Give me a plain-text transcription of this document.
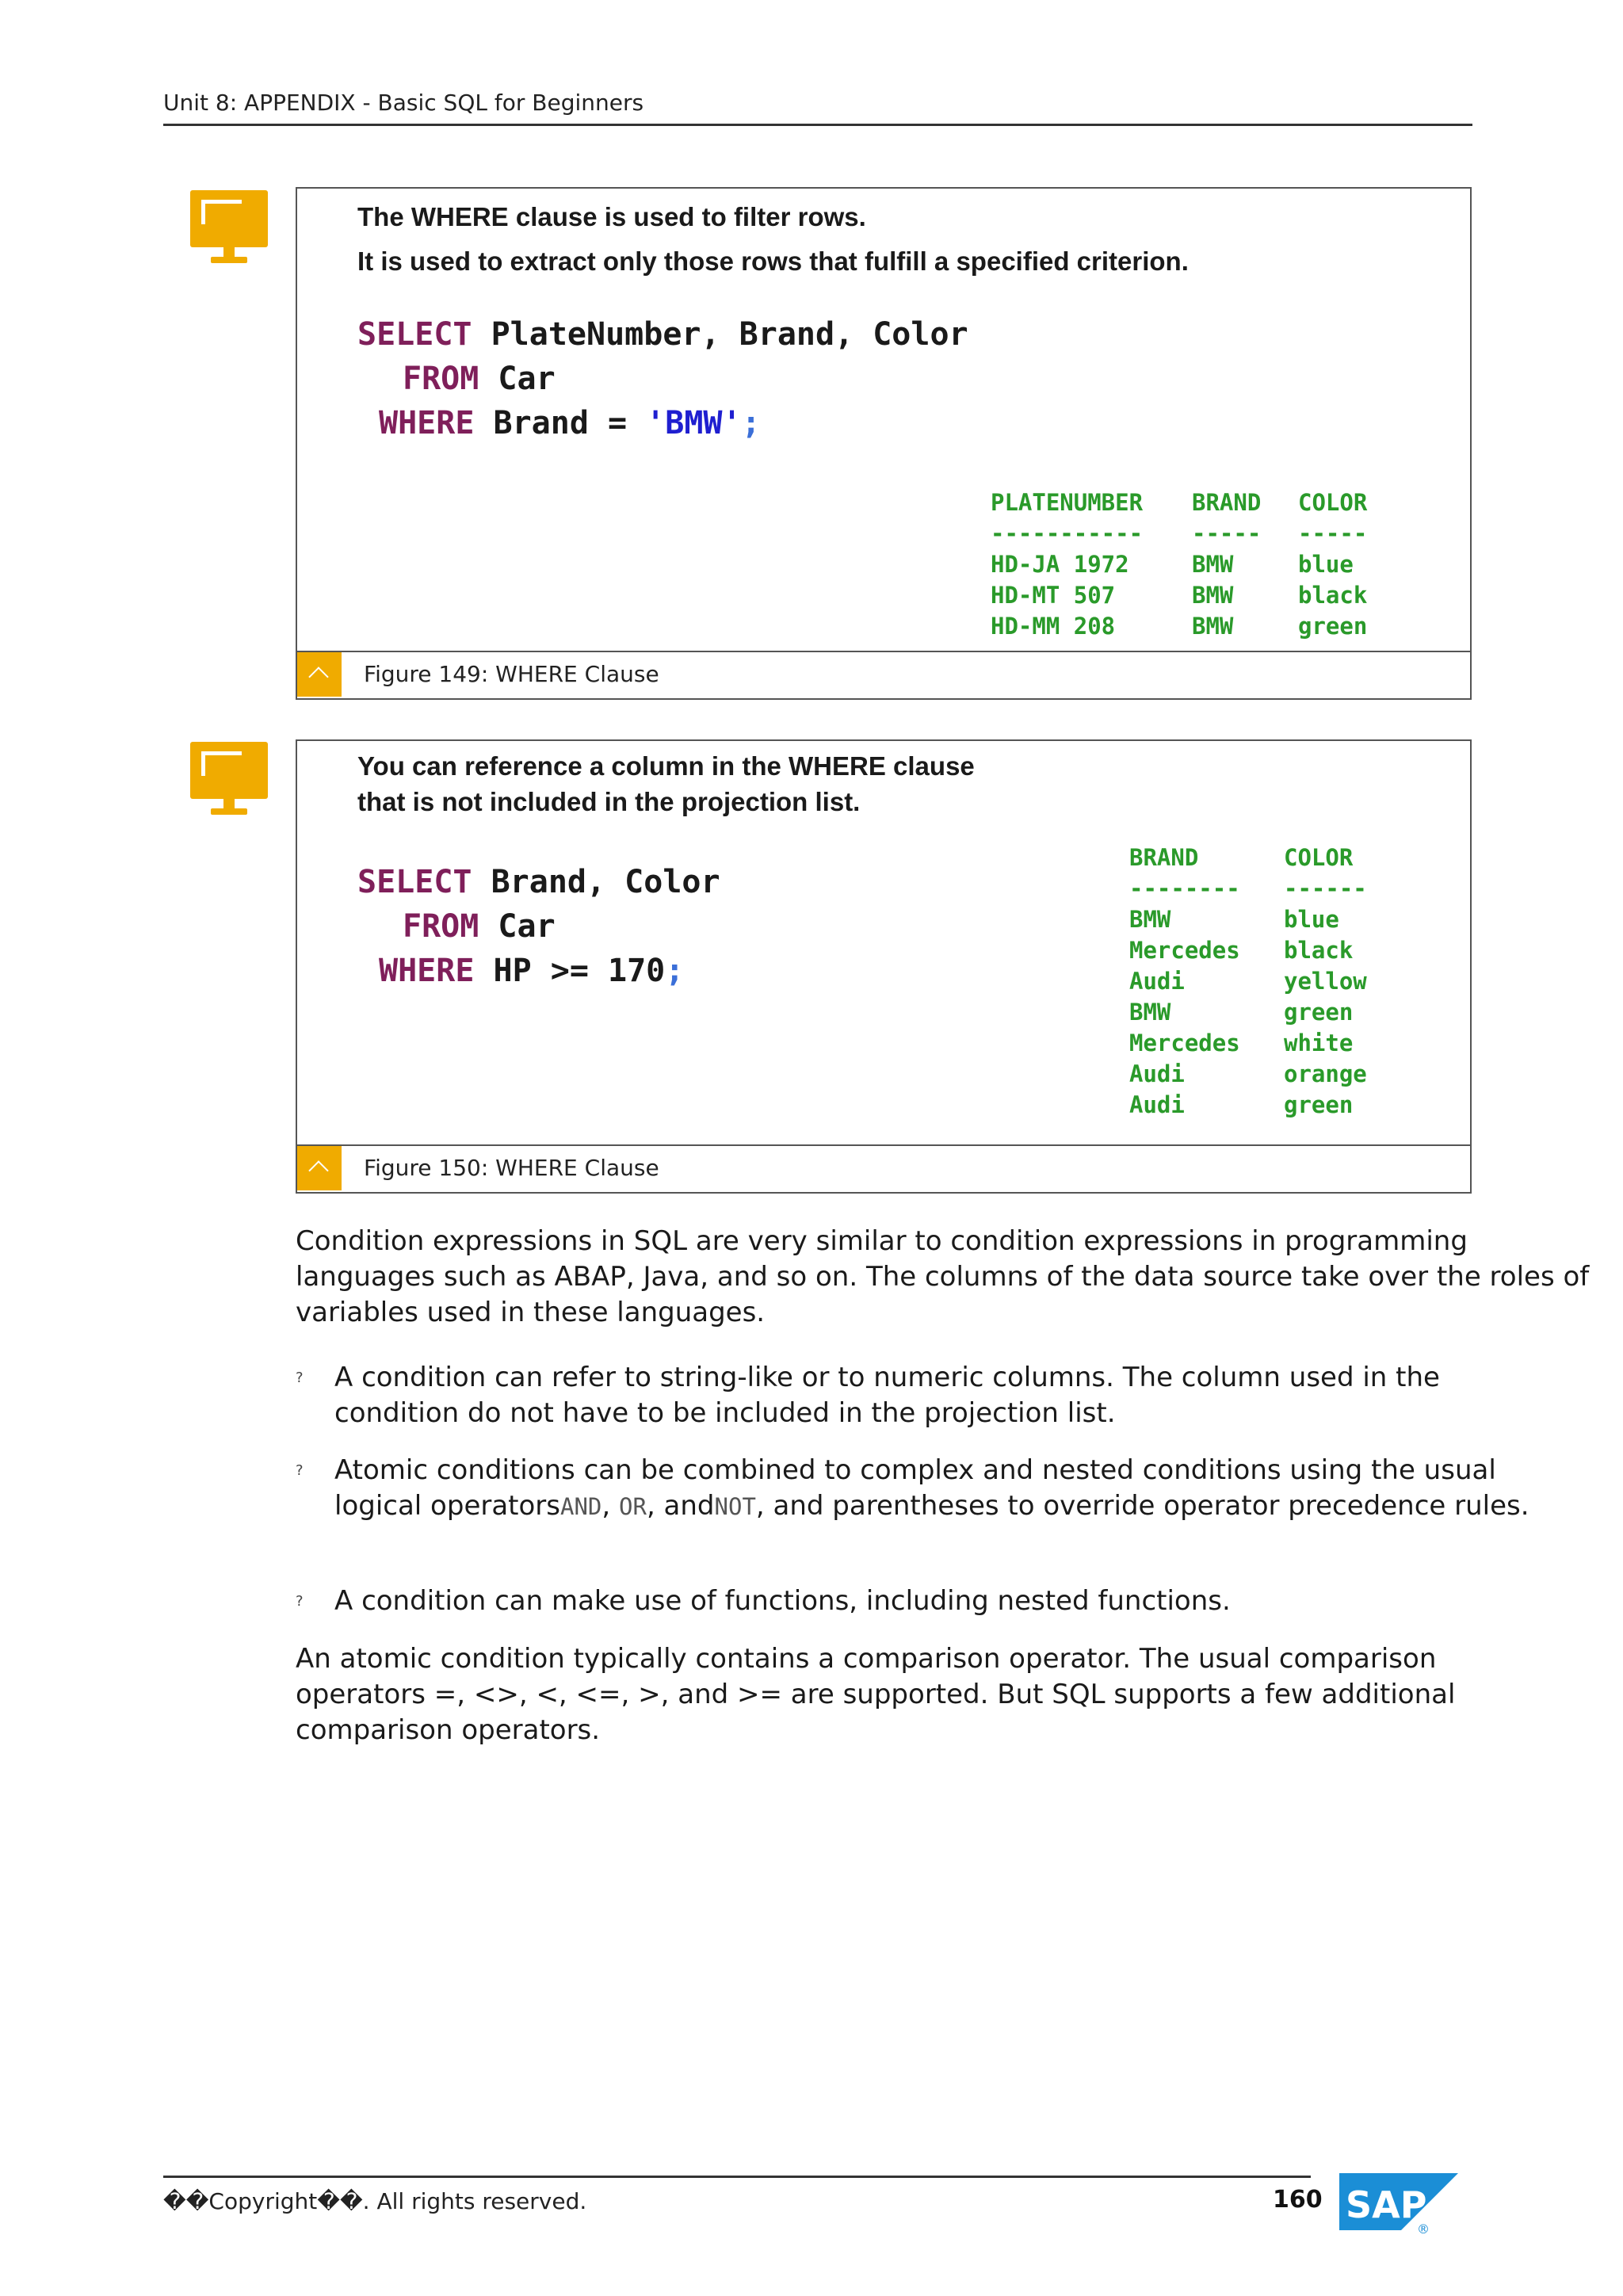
Unit 8: APPENDIX - Basic SQL for Beginners
The WHERE clause is used to filter rows.
It is used to extract only those rows that fulfill a specified criterion.
SELECT PlateNumber, Brand, Color
FROM Car
WHERE Brand = 'BMW';
PLATENUMBER
-----------
HD-JA 1972
HD-MT 507
HD-MM 208
BRAND
-----
BMW
BMW
BMW
COLOR
-----
blue
black
green
Figure 149: WHERE Clause
You can reference a column in the WHERE clause
that is not included in the projection list.
SELECT Brand, Color
FROM Car
WHERE HP >= 170;
BRAND
--------
BMW
Mercedes
Audi
BMW
Mercedes
Audi
Audi
COLOR
------
blue
black
yellow
green
white
orange
green
Figure 150: WHERE Clause
Condition expressions in SQL are very similar to condition expressions in programming languages such as ABAP, Java, and so on. The columns of the data source take over the roles of variables used in these languages.
? A condition can refer to string-like or to numeric columns. The column used in the condition do not have to be included in the projection list.
? Atomic conditions can be combined to complex and nested conditions using the usual logical operatorsAND, OR, andNOT, and parentheses to override operator precedence rules.
? A condition can make use of functions, including nested functions.
An atomic condition typically contains a comparison operator. The usual comparison operators =, <>, <, <=, >, and >= are supported. But SQL supports a few additional comparison operators.
��Copyright��. All rights reserved.	160 SAP
®
